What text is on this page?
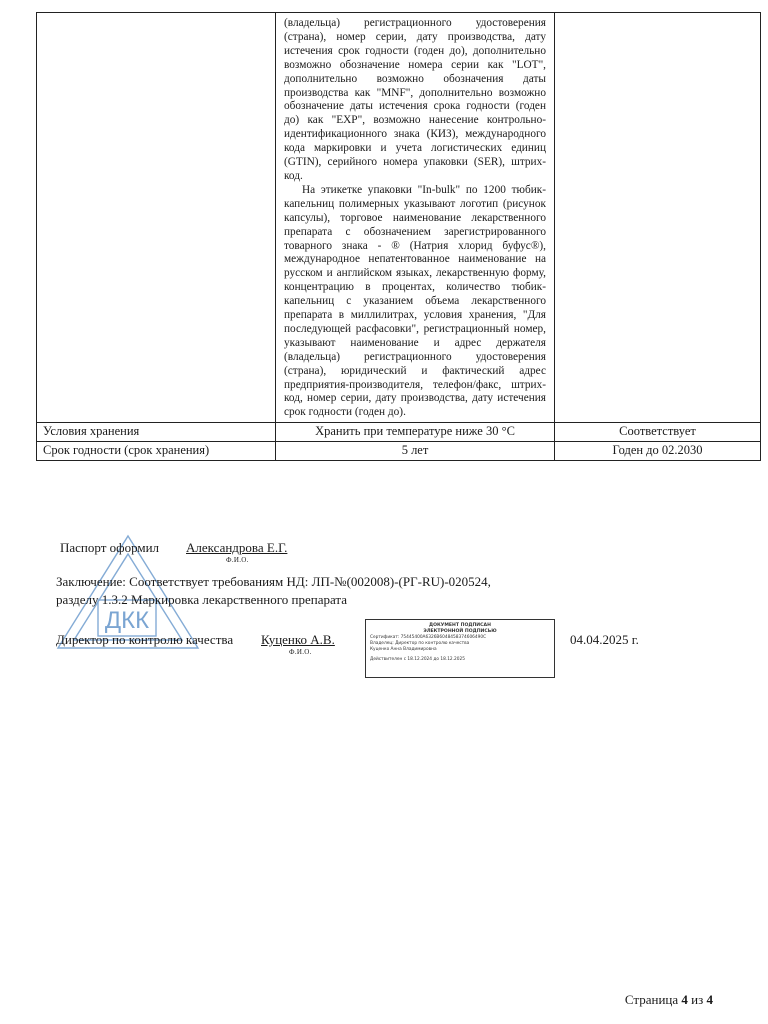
	(владельца) регистрационного удостоверения (страна), номер серии, дату производства, дату истечения срок годности (годен до), дополнительно возможно обозначение номера серии как "LOT", дополнительно возможно обозначения даты производства как "MNF", дополнительно возможно обозначение даты истечения срока годности (годен до) как "EXP", возможно нанесение контрольно-идентификационного знака (КИЗ), международного кода маркировки и учета логистических единиц (GTIN), серийного номера упаковки (SER), штрих-код.

На этикетке упаковки "In-bulk" по 1200 тюбик-капельниц полимерных указывают логотип (рисунок капсулы), торговое наименование лекарственного препарата с обозначением зарегистрированного товарного знака - ® (Натрия хлорид буфус®), международное непатентованное наименование на русском и английском языках, лекарственную форму, концентрацию в процентах, количество тюбик-капельниц с указанием объема лекарственного препарата в миллилитрах, условия хранения, "Для последующей расфасовки", регистрационный номер, указывают наименование и адрес держателя (владельца) регистрационного удостоверения (страна), юридический и фактический адрес предприятия-производителя, телефон/факс, штрих-код, номер серии, дату производства, дату истечения срок годности (годен до).	

Условия хранения	Хранить при температуре ниже 30 °С	Соответствует
Срок годности (срок хранения)	5 лет	Годен до 02.2030
ДКК
Паспорт оформил Александрова Е.Г.
Ф.И.О.
Заключение: Соответствует требованиям НД: ЛП-№(002008)-(РГ-RU)-020524,
разделу 1.3.2 Маркировка лекарственного препарата
Директор по контролю качества Куценко А.В.
Ф.И.О.
04.04.2025 г.
ДОКУМЕНТ ПОДПИСАН
ЭЛЕКТРОННОЙ ПОДПИСЬЮ
Сертификат: 75445400A6326B6048458374606490C
Владелец: Директор по контролю качества
Куценко Анна Владимировна
Действителен с 18.12.2024 до 18.12.2025
Страница 4 из 4
